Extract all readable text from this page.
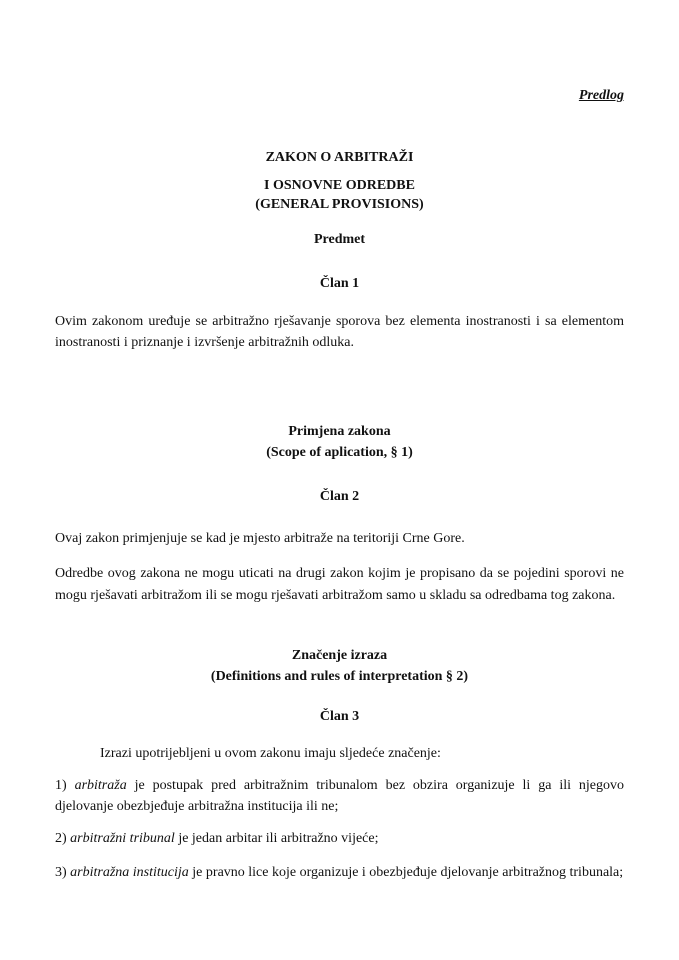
Predlog
ZAKON O ARBITRAŽI
I OSNOVNE ODREDBE
(GENERAL PROVISIONS)
Predmet
Član 1
Ovim zakonom uređuje se arbitražno rješavanje sporova bez elementa inostranosti i sa elementom inostranosti i priznanje i izvršenje arbitražnih odluka.
Primjena zakona
(Scope of aplication, § 1)
Član 2
Ovaj zakon primjenjuje se kad je mjesto arbitraže na teritoriji Crne Gore.
Odredbe ovog zakona ne mogu uticati na drugi zakon kojim je propisano da se pojedini sporovi ne mogu rješavati arbitražom ili se mogu rješavati arbitražom samo u skladu sa odredbama tog zakona.
Značenje izraza
(Definitions and rules of interpretation § 2)
Član 3
Izrazi upotrijebljeni u ovom zakonu imaju sljedeće značenje:
1) arbitraža je postupak pred arbitražnim tribunalom bez obzira organizuje li ga ili njegovo djelovanje obezbjeđuje arbitražna institucija ili ne;
2) arbitražni tribunal je jedan arbitar ili arbitražno vijeće;
3) arbitražna institucija je pravno lice koje organizuje i obezbjeđuje djelovanje arbitražnog tribunala;
